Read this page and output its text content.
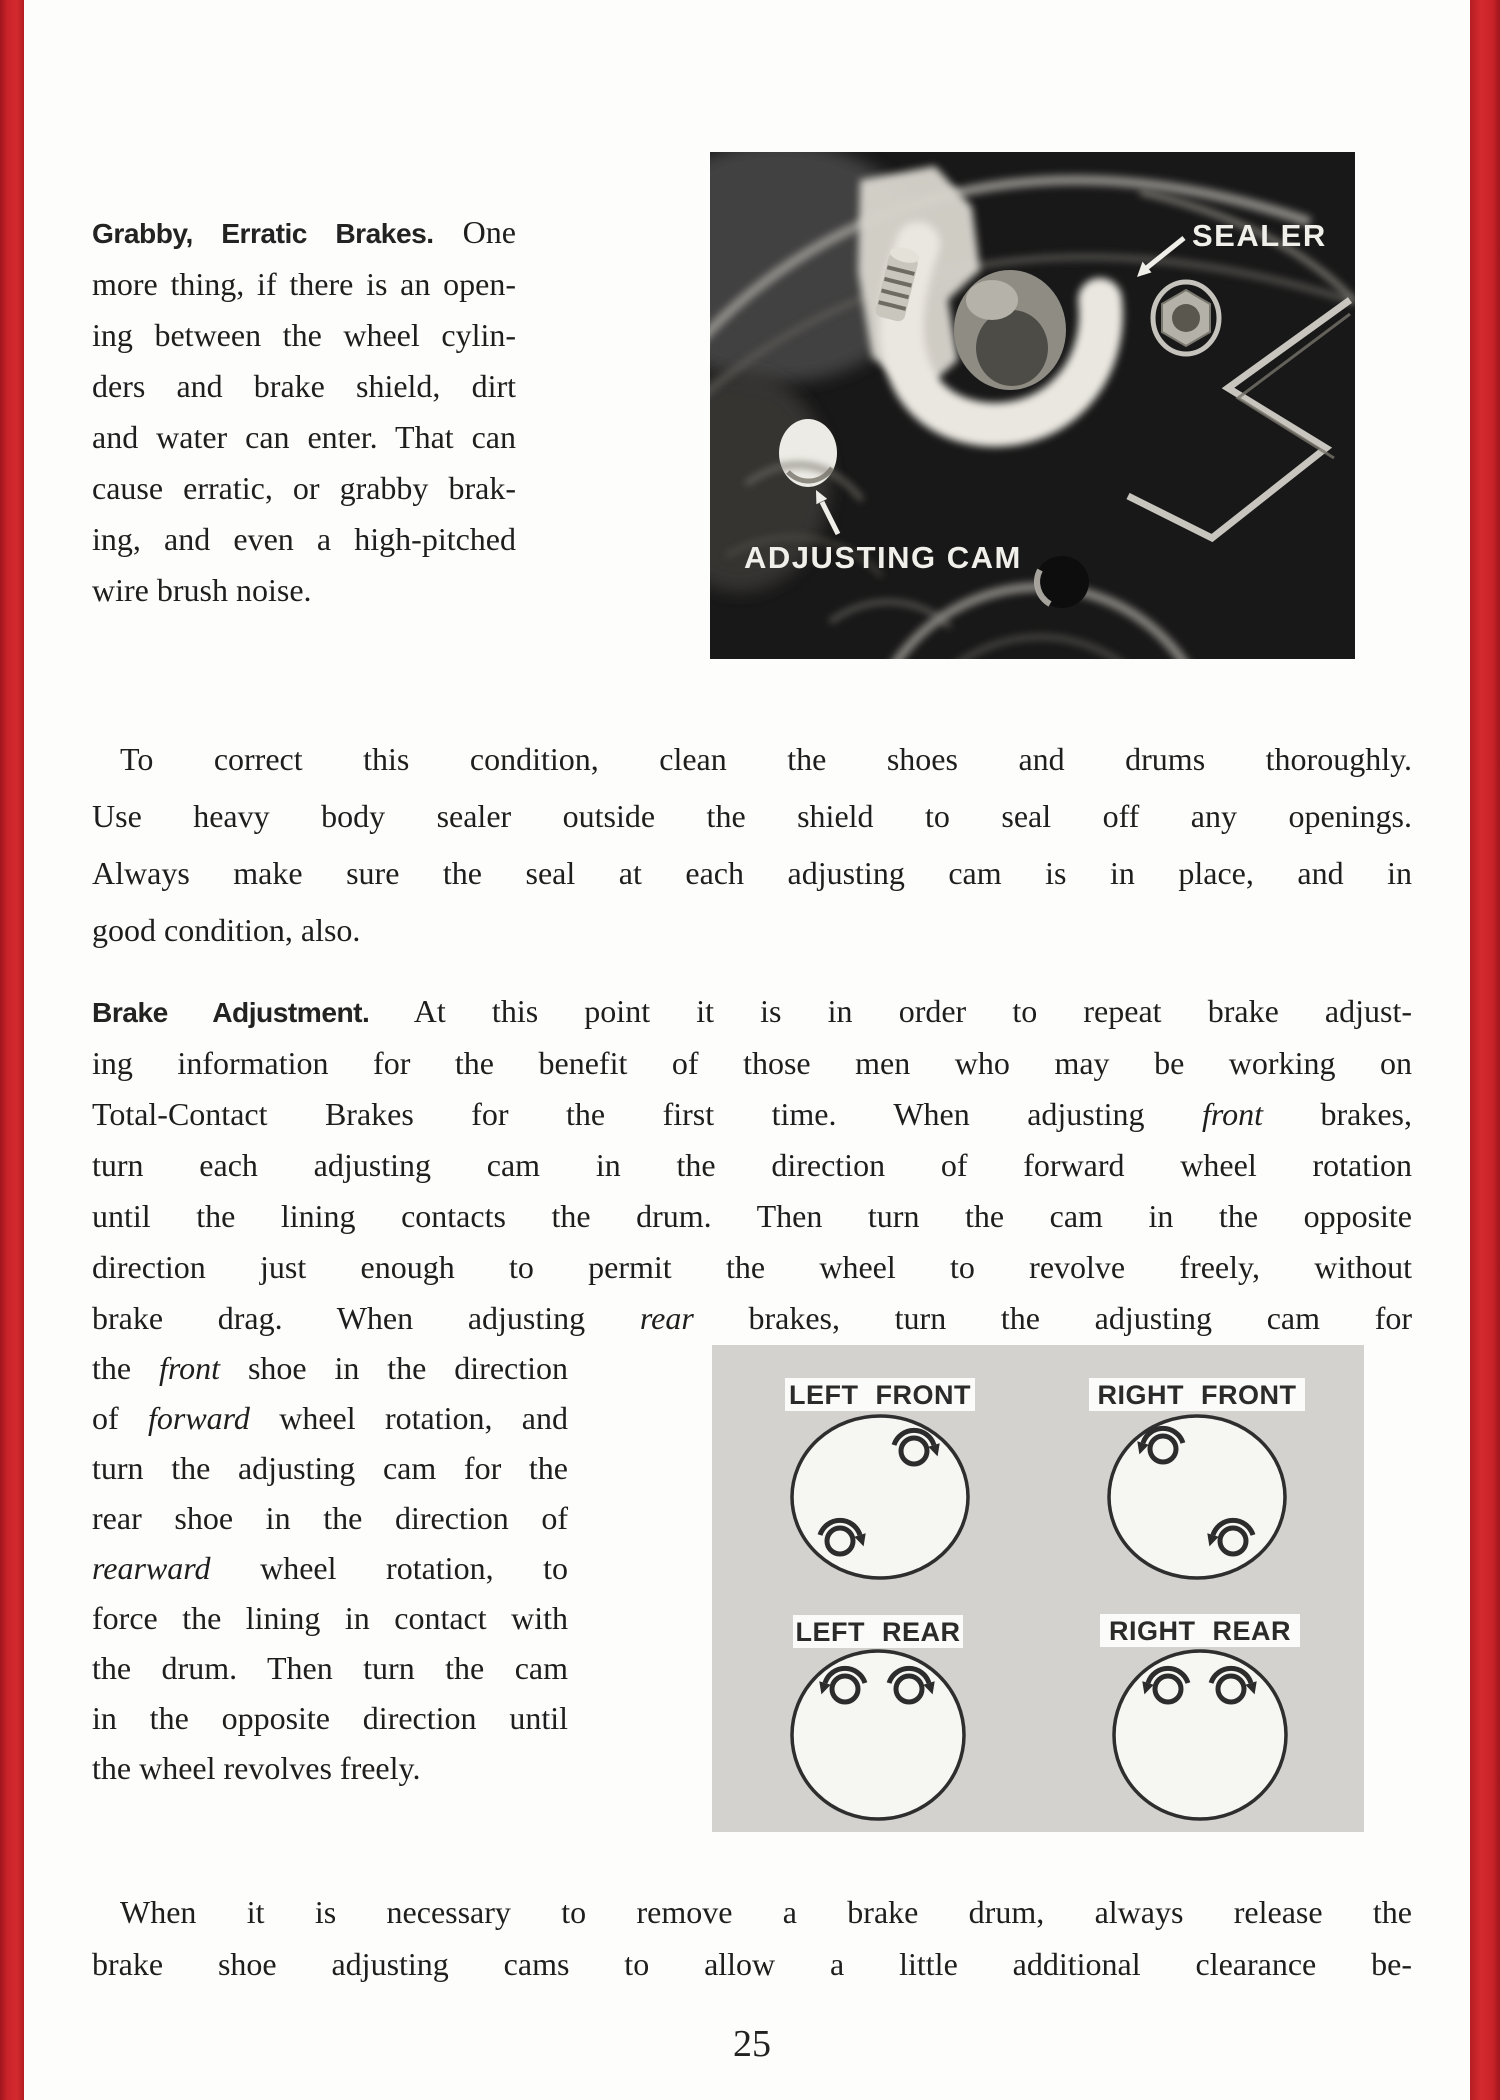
Grabby, Erratic Brakes. One
more thing, if there is an open-
ing between the wheel cylin-
ders and brake shield, dirt
and water can enter. That can
cause erratic, or grabby brak-
ing, and even a high-pitched
wire brush noise.
SEALER
ADJUSTING CAM
To correct this condition, clean the shoes and drums thoroughly.
Use heavy body sealer outside the shield to seal off any openings.
Always make sure the seal at each adjusting cam is in place, and in
good condition, also.
Brake Adjustment. At this point it is in order to repeat brake adjust-
ing information for the benefit of those men who may be working on
Total-Contact Brakes for the first time. When adjusting front brakes,
turn each adjusting cam in the direction of forward wheel rotation
until the lining contacts the drum. Then turn the cam in the opposite
direction just enough to permit the wheel to revolve freely, without
brake drag. When adjusting rear brakes, turn the adjusting cam for
the front shoe in the direction
of forward wheel rotation, and
turn the adjusting cam for the
rear shoe in the direction of
rearward wheel rotation, to
force the lining in contact with
the drum. Then turn the cam
in the opposite direction until
the wheel revolves freely.
LEFT FRONT	RIGHT FRONT
LEFT REAR	RIGHT REAR
When it is necessary to remove a brake drum, always release the
brake shoe adjusting cams to allow a little additional clearance be-
25
